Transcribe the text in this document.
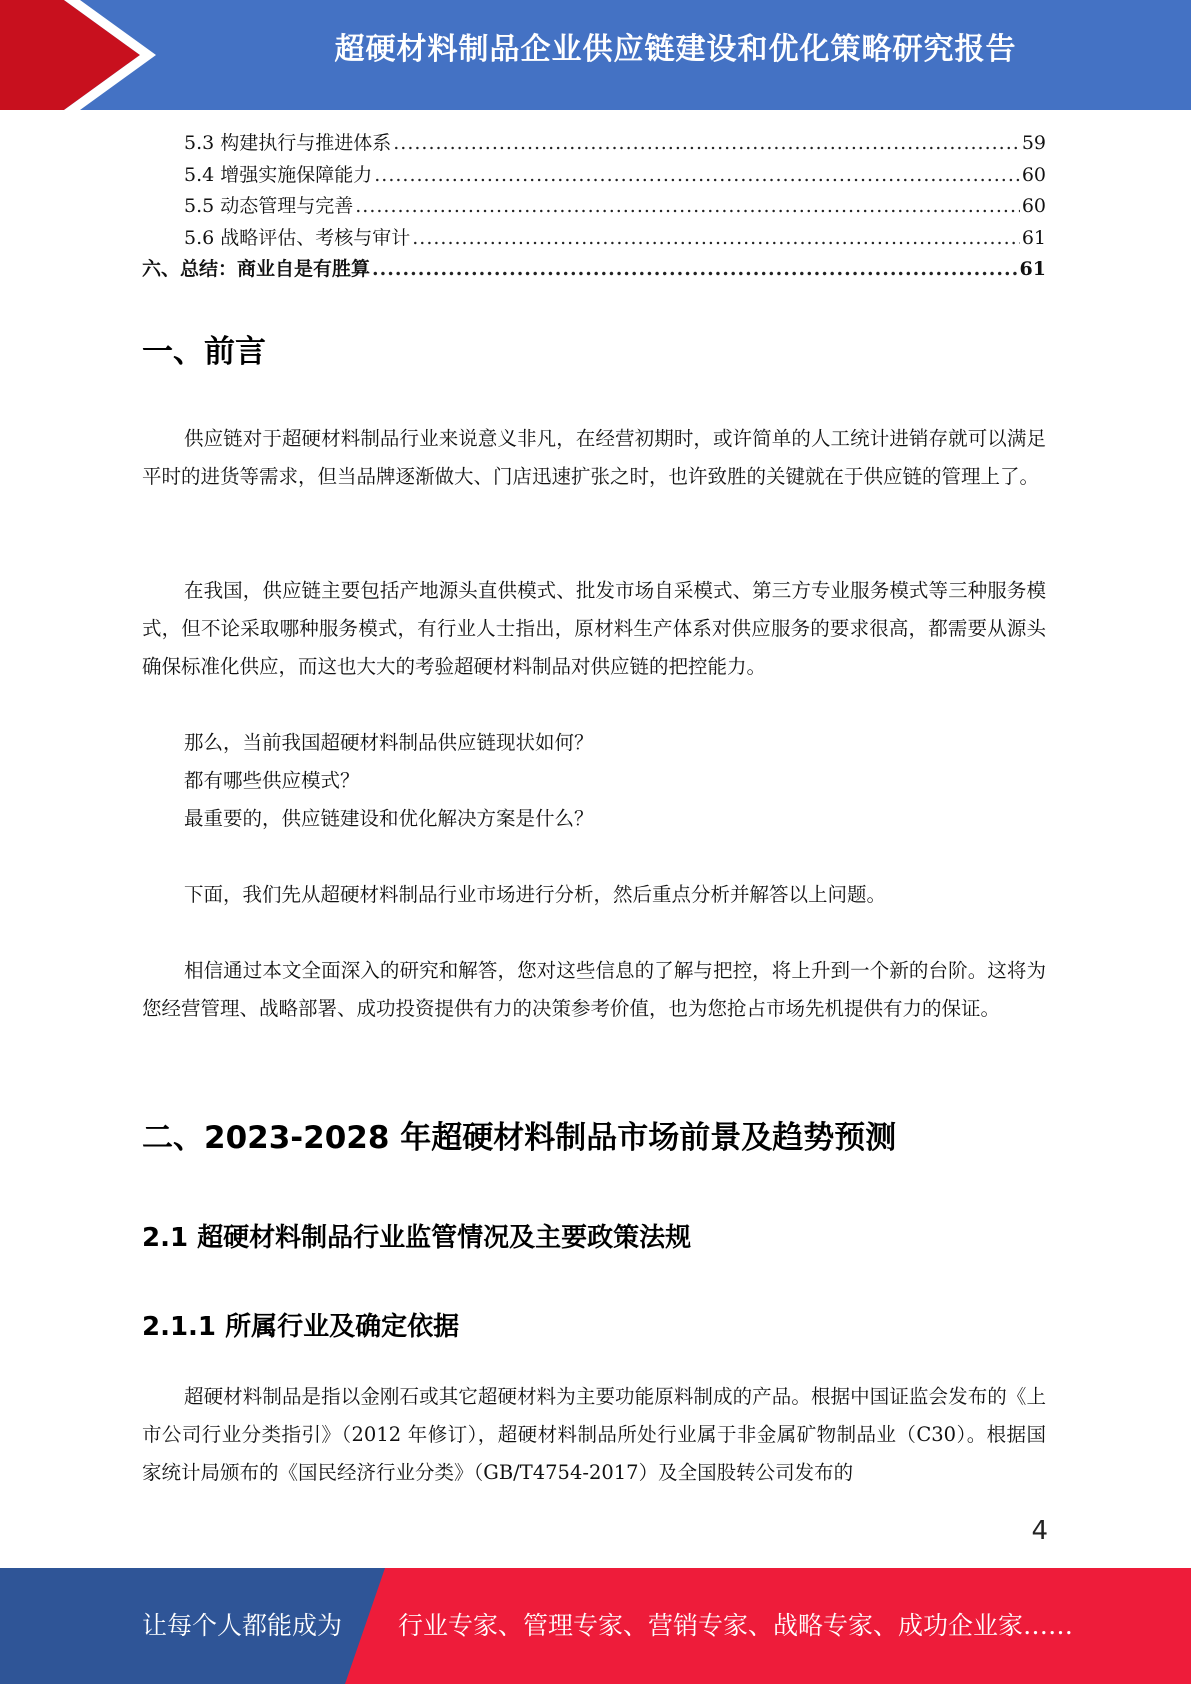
超硬材料制品企业供应链建设和优化策略研究报告
5.3 构建执行与推进体系 .....	59
5.4 增强实施保障能力 .....	60
5.5 动态管理与完善 .....	60
5.6 战略评估、考核与审计 .....	61
六、总结：商业自是有胜算 .....	61
一、前言

供应链对于超硬材料制品行业来说意义非凡，在经营初期时，或许简单的人工统计进销存就可以满足平时的进货等需求，但当品牌逐渐做大、门店迅速扩张之时，也许致胜的关键就在于供应链的管理上了。

在我国，供应链主要包括产地源头直供模式、批发市场自采模式、第三方专业服务模式等三种服务模式，但不论采取哪种服务模式，有行业人士指出，原材料生产体系对供应服务的要求很高，都需要从源头确保标准化供应，而这也大大的考验超硬材料制品对供应链的把控能力。

那么，当前我国超硬材料制品供应链现状如何？
都有哪些供应模式？
最重要的，供应链建设和优化解决方案是什么？

下面，我们先从超硬材料制品行业市场进行分析，然后重点分析并解答以上问题。

相信通过本文全面深入的研究和解答，您对这些信息的了解与把控，将上升到一个新的台阶。这将为您经营管理、战略部署、成功投资提供有力的决策参考价值，也为您抢占市场先机提供有力的保证。

二、2023-2028 年超硬材料制品市场前景及趋势预测
2.1 超硬材料制品行业监管情况及主要政策法规
2.1.1 所属行业及确定依据

超硬材料制品是指以金刚石或其它超硬材料为主要功能原料制成的产品。根据中国证监会发布的《上市公司行业分类指引》（2012 年修订），超硬材料制品所处行业属于非金属矿物制品业（C30）。根据国家统计局颁布的《国民经济行业分类》（GB/T4754-2017）及全国股转公司发布的

4
让每个人都能成为 行业专家、管理专家、营销专家、战略专家、成功企业家……
